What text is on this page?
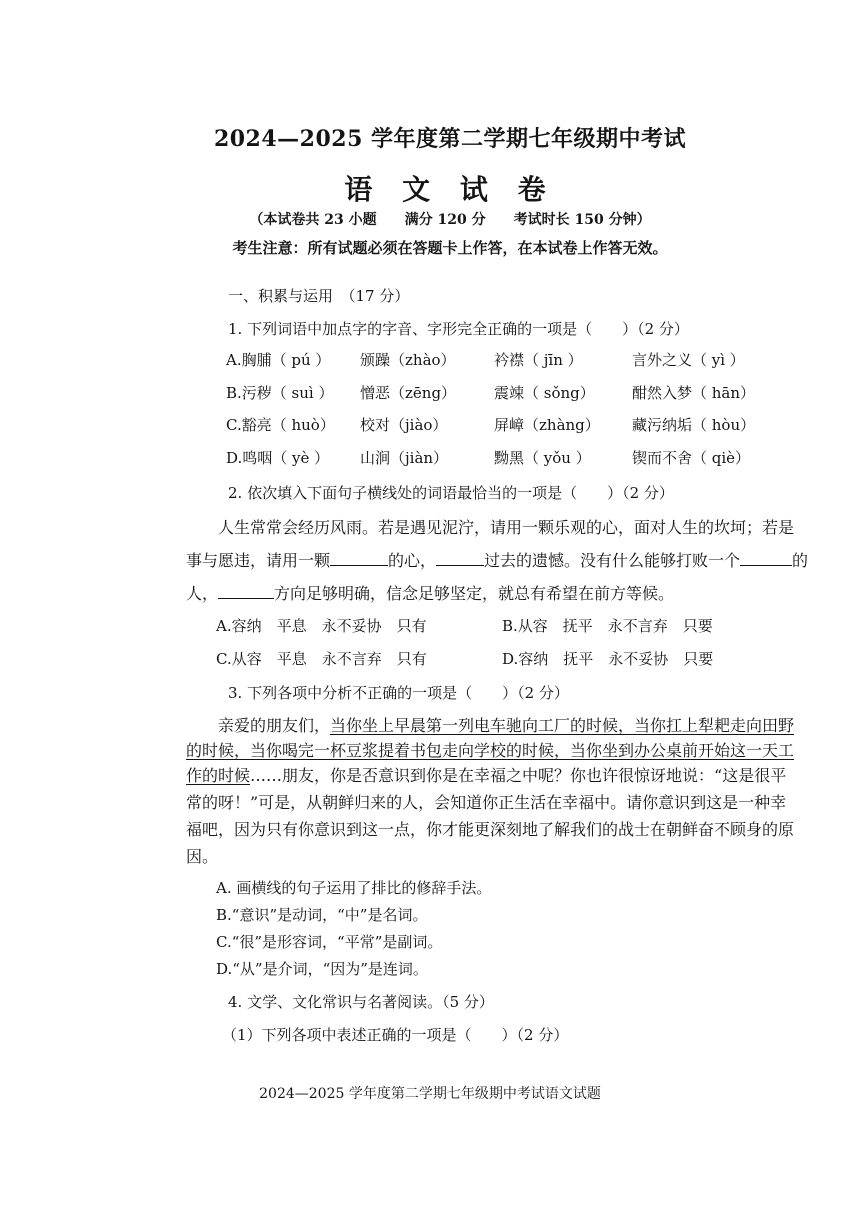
2024—2025 学年度第二学期七年级期中考试
语 文 试 卷
（本试卷共 23 小题　　满分 120 分　　考试时长 150 分钟）
考生注意：所有试题必须在答题卡上作答，在本试卷上作答无效。
一、积累与运用　（17 分）
1. 下列词语中加点字的字音、字形完全正确的一项是（　　）（2 分）
A.胸脯（ pú ） 颁躁（zhào）	衿襟（ jīn ）	言外之义（ yì ）
B.污秽（ suì ） 憎恶（zēng）	震竦（ sǒng） 酣然入梦（ hān）
C.豁亮（ huò） 校对（jiào）	屏嶂（zhàng） 藏污纳垢（ hòu）
D.鸣咽（ yè ） 山涧（jiàn）	黝黑（ yǒu ）	锲而不舍（ qiè）
2. 依次填入下面句子横线处的词语最恰当的一项是（　　）（2 分）
人生常常会经历风雨。若是遇见泥泞，请用一颗乐观的心，面对人生的坎坷；若是
事与愿违，请用一颗	的心，	过去的遗憾。没有什么能够打败一个	的
人，	方向足够明确，信念足够坚定，就总有希望在前方等候。
A.容纳　平息　永不妥协　只有	B.从容　抚平　永不言弃　只要
C.从容　平息　永不言弃　只有	D.容纳　抚平　永不妥协　只要
3. 下列各项中分析不正确的一项是（　　）（2 分）
亲爱的朋友们，当你坐上早晨第一列电车驰向工厂的时候，当你扛上犁耙走向田野
的时候，当你喝完一杯豆浆提着书包走向学校的时候，当你坐到办公桌前开始这一天工
作的时候……朋友，你是否意识到你是在幸福之中呢？你也许很惊讶地说：“这是很平
常的呀！”可是，从朝鲜归来的人，会知道你正生活在幸福中。请你意识到这是一种幸
福吧，因为只有你意识到这一点，你才能更深刻地了解我们的战士在朝鲜奋不顾身的原
因。
A. 画横线的句子运用了排比的修辞手法。
B.“意识”是动词，“中”是名词。
C.“很”是形容词，“平常”是副词。
D.“从”是介词，“因为”是连词。
4. 文学、文化常识与名著阅读。（5 分）
（1）下列各项中表述正确的一项是（　　）（2 分）
2024—2025 学年度第二学期七年级期中考试语文试题
